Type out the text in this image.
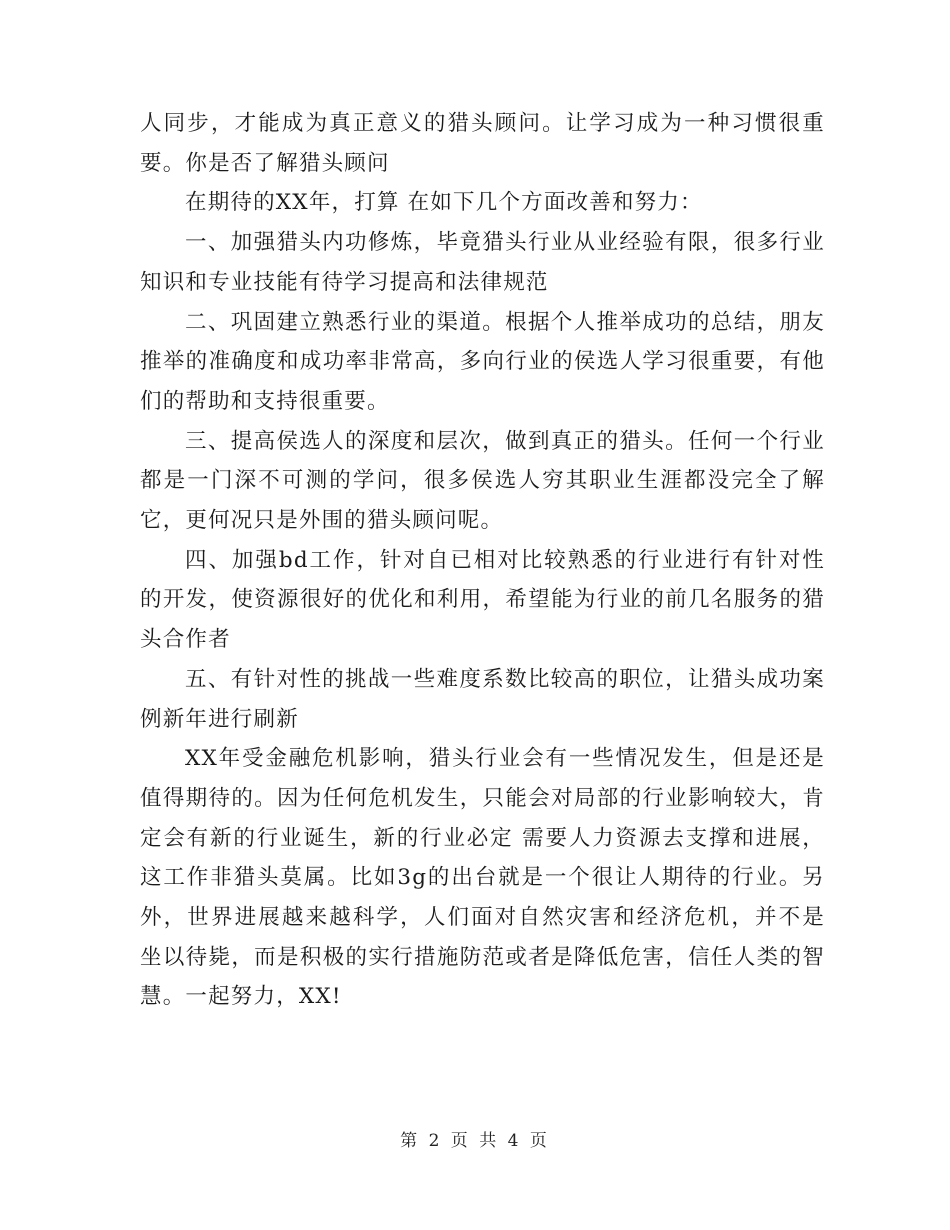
人同步，才能成为真正意义的猎头顾问。让学习成为一种习惯很重要。你是否了解猎头顾问

在期待的XX年，打算 在如下几个方面改善和努力：

一、加强猎头内功修炼，毕竟猎头行业从业经验有限，很多行业知识和专业技能有待学习提高和法律规范

二、巩固建立熟悉行业的渠道。根据个人推举成功的总结，朋友推举的准确度和成功率非常高，多向行业的侯选人学习很重要，有他们的帮助和支持很重要。

三、提高侯选人的深度和层次，做到真正的猎头。任何一个行业都是一门深不可测的学问，很多侯选人穷其职业生涯都没完全了解它，更何况只是外围的猎头顾问呢。

四、加强bd工作，针对自已相对比较熟悉的行业进行有针对性的开发，使资源很好的优化和利用，希望能为行业的前几名服务的猎头合作者

五、有针对性的挑战一些难度系数比较高的职位，让猎头成功案例新年进行刷新

XX年受金融危机影响，猎头行业会有一些情况发生，但是还是值得期待的。因为任何危机发生，只能会对局部的行业影响较大，肯定会有新的行业诞生，新的行业必定 需要人力资源去支撑和进展，这工作非猎头莫属。比如3g的出台就是一个很让人期待的行业。另外，世界进展越来越科学，人们面对自然灾害和经济危机，并不是 坐以待毙，而是积极的实行措施防范或者是降低危害，信任人类的智慧。一起努力，XX!

第 2 页 共 4 页
